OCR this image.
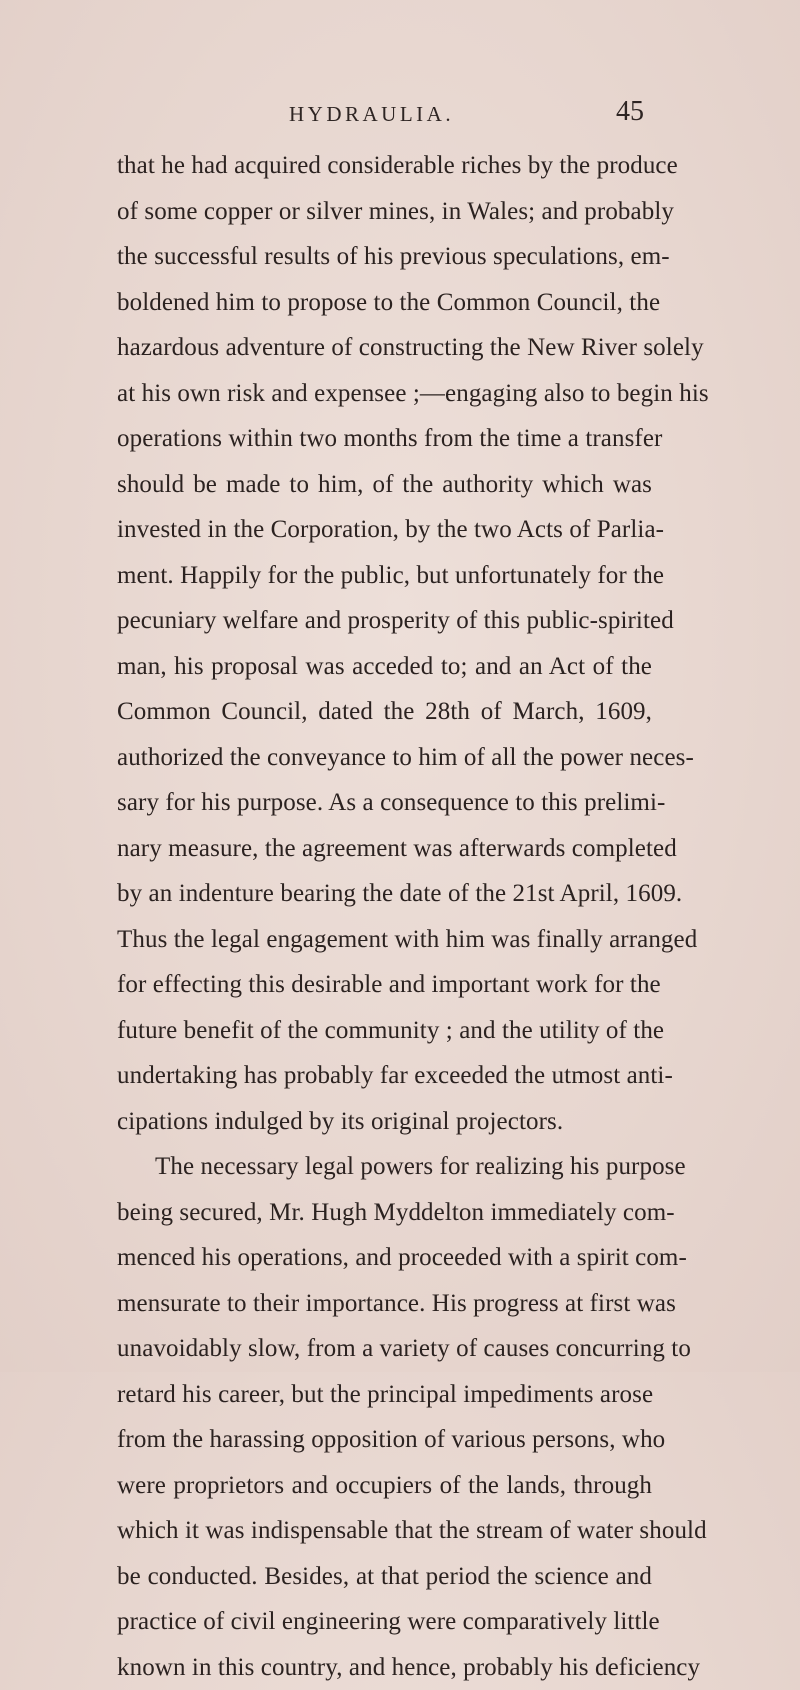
HYDRAULIA.	45
that he had acquired considerable riches by the produce
of some copper or silver mines, in Wales; and probably
the successful results of his previous speculations, em-
boldened him to propose to the Common Council, the
hazardous adventure of constructing the New River solely
at his own risk and expensee ;—engaging also to begin his
operations within two months from the time a transfer
should be made to him, of the authority which was
invested in the Corporation, by the two Acts of Parlia-
ment. Happily for the public, but unfortunately for the
pecuniary welfare and prosperity of this public-spirited
man, his proposal was acceded to; and an Act of the
Common Council, dated the 28th of March, 1609,
authorized the conveyance to him of all the power neces-
sary for his purpose. As a consequence to this prelimi-
nary measure, the agreement was afterwards completed
by an indenture bearing the date of the 21st April, 1609.
Thus the legal engagement with him was finally arranged
for effecting this desirable and important work for the
future benefit of the community ; and the utility of the
undertaking has probably far exceeded the utmost anti-
cipations indulged by its original projectors.
The necessary legal powers for realizing his purpose
being secured, Mr. Hugh Myddelton immediately com-
menced his operations, and proceeded with a spirit com-
mensurate to their importance. His progress at first was
unavoidably slow, from a variety of causes concurring to
retard his career, but the principal impediments arose
from the harassing opposition of various persons, who
were proprietors and occupiers of the lands, through
which it was indispensable that the stream of water should
be conducted. Besides, at that period the science and
practice of civil engineering were comparatively little
known in this country, and hence, probably his deficiency
